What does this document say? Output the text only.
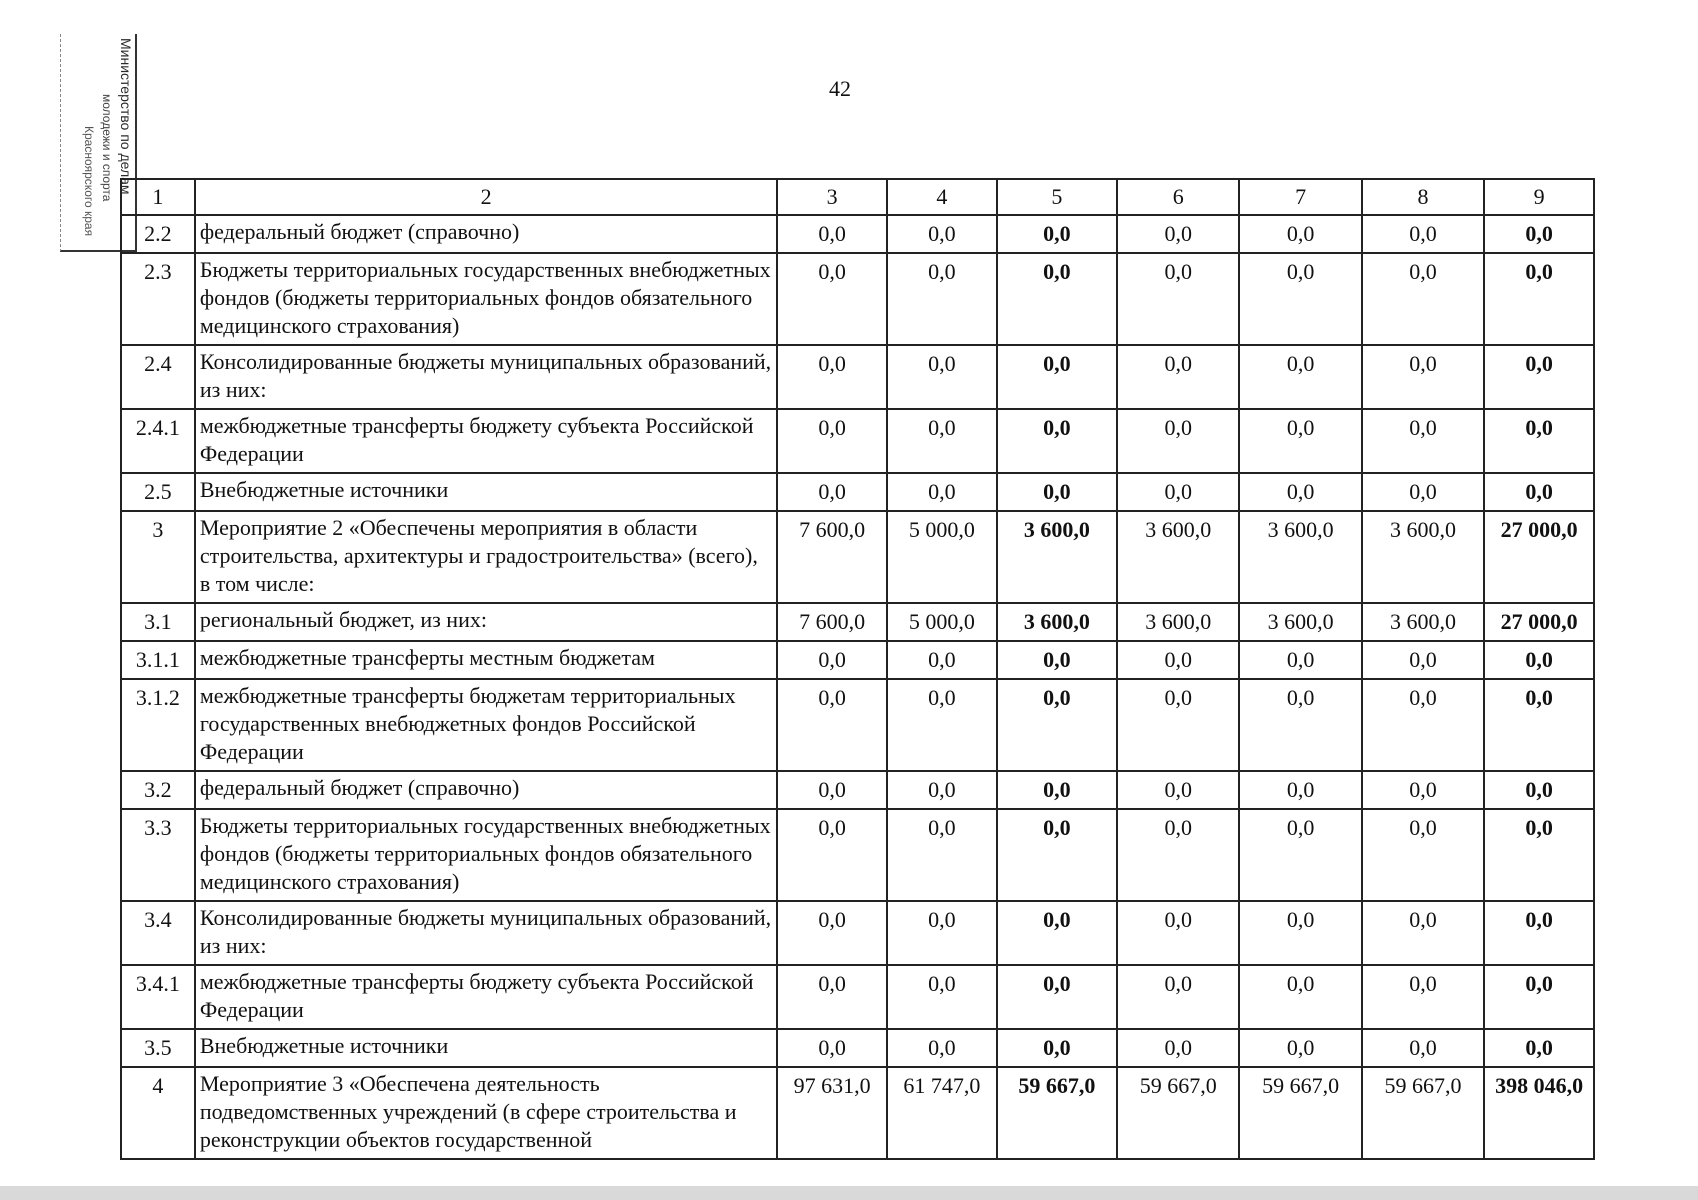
Министерство по делам
молодежи и спорта
Красноярского края
42
1	2	3	4	5	6	7	8	9
2.2	федеральный бюджет (справочно)	0,0	0,0	0,0	0,0	0,0	0,0	0,0
2.3	Бюджеты территориальных государственных внебюджетных фондов (бюджеты территориальных фондов обязательного медицинского страхования)	0,0	0,0	0,0	0,0	0,0	0,0	0,0
2.4	Консолидированные бюджеты муниципальных образований, из них:	0,0	0,0	0,0	0,0	0,0	0,0	0,0
2.4.1	межбюджетные трансферты бюджету субъекта Российской Федерации	0,0	0,0	0,0	0,0	0,0	0,0	0,0
2.5	Внебюджетные источники	0,0	0,0	0,0	0,0	0,0	0,0	0,0
3	Мероприятие 2 «Обеспечены мероприятия в области строительства, архитектуры и градостроительства» (всего), в том числе:	7 600,0	5 000,0	3 600,0	3 600,0	3 600,0	3 600,0	27 000,0
3.1	региональный бюджет, из них:	7 600,0	5 000,0	3 600,0	3 600,0	3 600,0	3 600,0	27 000,0
3.1.1	межбюджетные трансферты местным бюджетам	0,0	0,0	0,0	0,0	0,0	0,0	0,0
3.1.2	межбюджетные трансферты бюджетам территориальных государственных внебюджетных фондов Российской Федерации	0,0	0,0	0,0	0,0	0,0	0,0	0,0
3.2	федеральный бюджет (справочно)	0,0	0,0	0,0	0,0	0,0	0,0	0,0
3.3	Бюджеты территориальных государственных внебюджетных фондов (бюджеты территориальных фондов обязательного медицинского страхования)	0,0	0,0	0,0	0,0	0,0	0,0	0,0
3.4	Консолидированные бюджеты муниципальных образований, из них:	0,0	0,0	0,0	0,0	0,0	0,0	0,0
3.4.1	межбюджетные трансферты бюджету субъекта Российской Федерации	0,0	0,0	0,0	0,0	0,0	0,0	0,0
3.5	Внебюджетные источники	0,0	0,0	0,0	0,0	0,0	0,0	0,0
4	Мероприятие 3 «Обеспечена деятельность подведомственных учреждений (в сфере строительства и реконструкции объектов государственной	97 631,0	61 747,0	59 667,0	59 667,0	59 667,0	59 667,0	398 046,0
